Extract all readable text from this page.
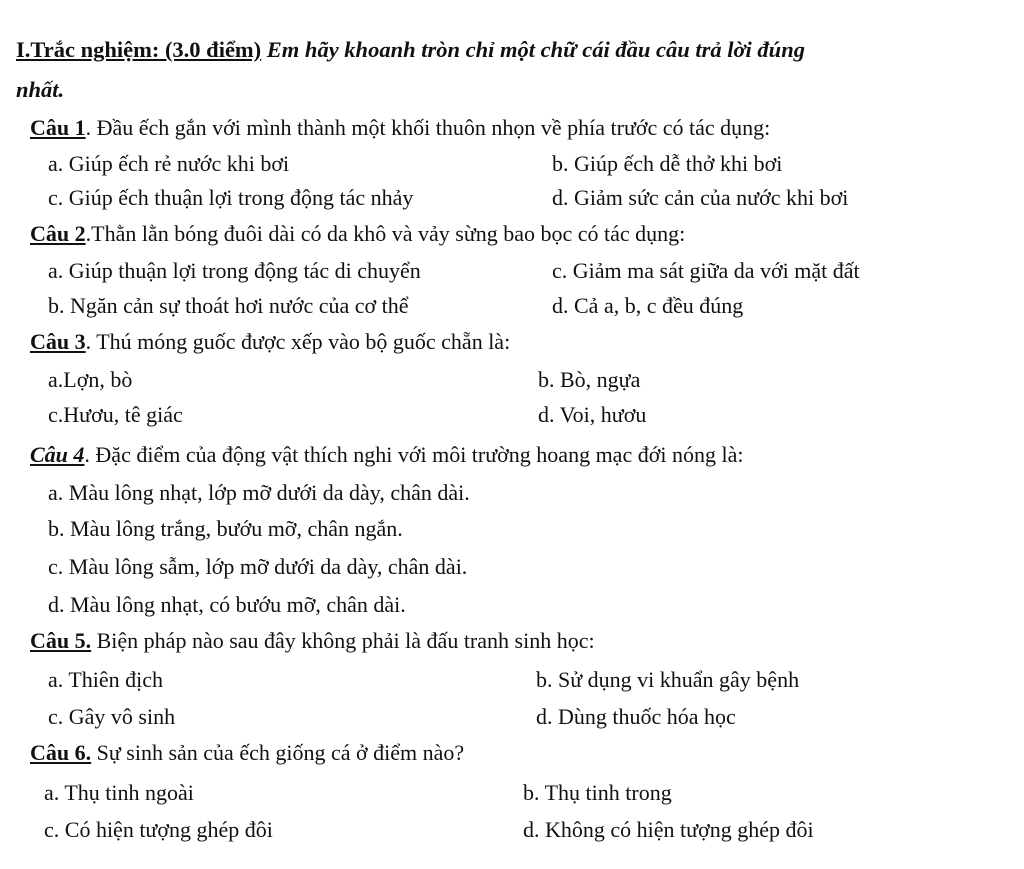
I.Trắc nghiệm: (3.0 điểm) Em hãy khoanh tròn chỉ một chữ cái đầu câu trả lời đúng
nhất.
Câu 1. Đầu ếch gắn với mình thành một khối thuôn nhọn về phía trước có tác dụng:
a. Giúp ếch rẻ nước khi bơi	b. Giúp ếch dễ thở khi bơi
c. Giúp ếch thuận lợi trong động tác nhảy	d. Giảm sức cản của nước khi bơi
Câu 2.Thằn lằn bóng đuôi dài có da khô và vảy sừng bao bọc có tác dụng:
a. Giúp thuận lợi trong động tác di chuyển	c. Giảm ma sát giữa da với mặt đất
b. Ngăn cản sự thoát hơi nước của cơ thể	d. Cả a, b, c đều đúng
Câu 3. Thú móng guốc được xếp vào bộ guốc chẵn là:
a.Lợn, bò	b. Bò, ngựa
c.Hươu, tê giác	d. Voi, hươu
Câu 4. Đặc điểm của động vật thích nghi với môi trường hoang mạc đới nóng là:
a. Màu lông nhạt, lớp mỡ dưới da dày, chân dài.
b. Màu lông trắng, bướu mỡ, chân ngắn.
c. Màu lông sẫm, lớp mỡ dưới da dày, chân dài.
d. Màu lông nhạt, có bướu mỡ, chân dài.
Câu 5. Biện pháp nào sau đây không phải là đấu tranh sinh học:
a. Thiên địch	b. Sử dụng vi khuẩn gây bệnh
c. Gây vô sinh	d. Dùng thuốc hóa học
Câu 6. Sự sinh sản của ếch giống cá ở điểm nào?
a. Thụ tinh ngoài	b. Thụ tinh trong
c. Có hiện tượng ghép đôi	d. Không có hiện tượng ghép đôi
